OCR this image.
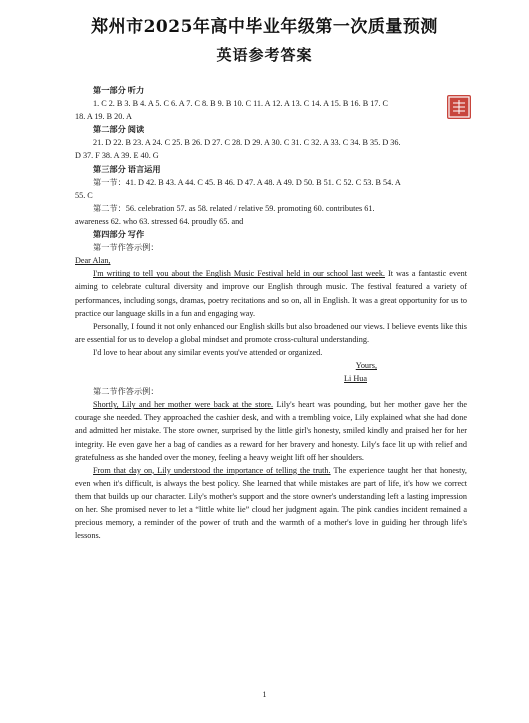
郑州市2025年高中毕业年级第一次质量预测
英语参考答案

第一部分 听力

1. C 2. B 3. B 4. A 5. C 6. A 7. C 8. B 9. B 10. C 11. A 12. A 13. C 14. A 15. B 16. B 17. C

18. A 19. B 20. A

第二部分 阅读

21. D 22. B 23. A 24. C 25. B 26. D 27. C 28. D 29. A 30. C 31. C 32. A 33. C 34. B 35. D 36.

D 37. F 38. A 39. E 40. G

第三部分 语言运用

第一节：41. D 42. B 43. A 44. C 45. B 46. D 47. A 48. A 49. D 50. B 51. C 52. C 53. B 54. A

55. C

第二节：56. celebration 57. as 58. related / relative 59. promoting 60. contributes 61.

awareness 62. who 63. stressed 64. proudly 65. and

第四部分 写作

第一节作答示例：

Dear Alan,

I'm writing to tell you about the English Music Festival held in our school last week. It was a fantastic event aiming to celebrate cultural diversity and improve our English through music. The festival featured a variety of performances, including songs, dramas, poetry recitations and so on, all in English. It was a great opportunity for us to practice our language skills in a fun and engaging way.

Personally, I found it not only enhanced our English skills but also broadened our views. I believe events like this are essential for us to develop a global mindset and promote cross-cultural understanding.

I'd love to hear about any similar events you've attended or organized.

Yours,

Li Hua

第二节作答示例：

Shortly, Lily and her mother were back at the store. Lily's heart was pounding, but her mother gave her the courage she needed. They approached the cashier desk, and with a trembling voice, Lily explained what she had done and admitted her mistake. The store owner, surprised by the little girl's honesty, smiled kindly and praised her for her integrity. He even gave her a bag of candies as a reward for her bravery and honesty. Lily's face lit up with relief and gratefulness as she handed over the money, feeling a heavy weight lift off her shoulders.

From that day on, Lily understood the importance of telling the truth. The experience taught her that honesty, even when it's difficult, is always the best policy. She learned that while mistakes are part of life, it's how we correct them that builds up our character. Lily's mother's support and the store owner's understanding left a lasting impression on her. She promised never to let a “little white lie” cloud her judgment again. The pink candies incident remained a precious memory, a reminder of the power of truth and the warmth of a mother's love in guiding her through life's lessons.

1
